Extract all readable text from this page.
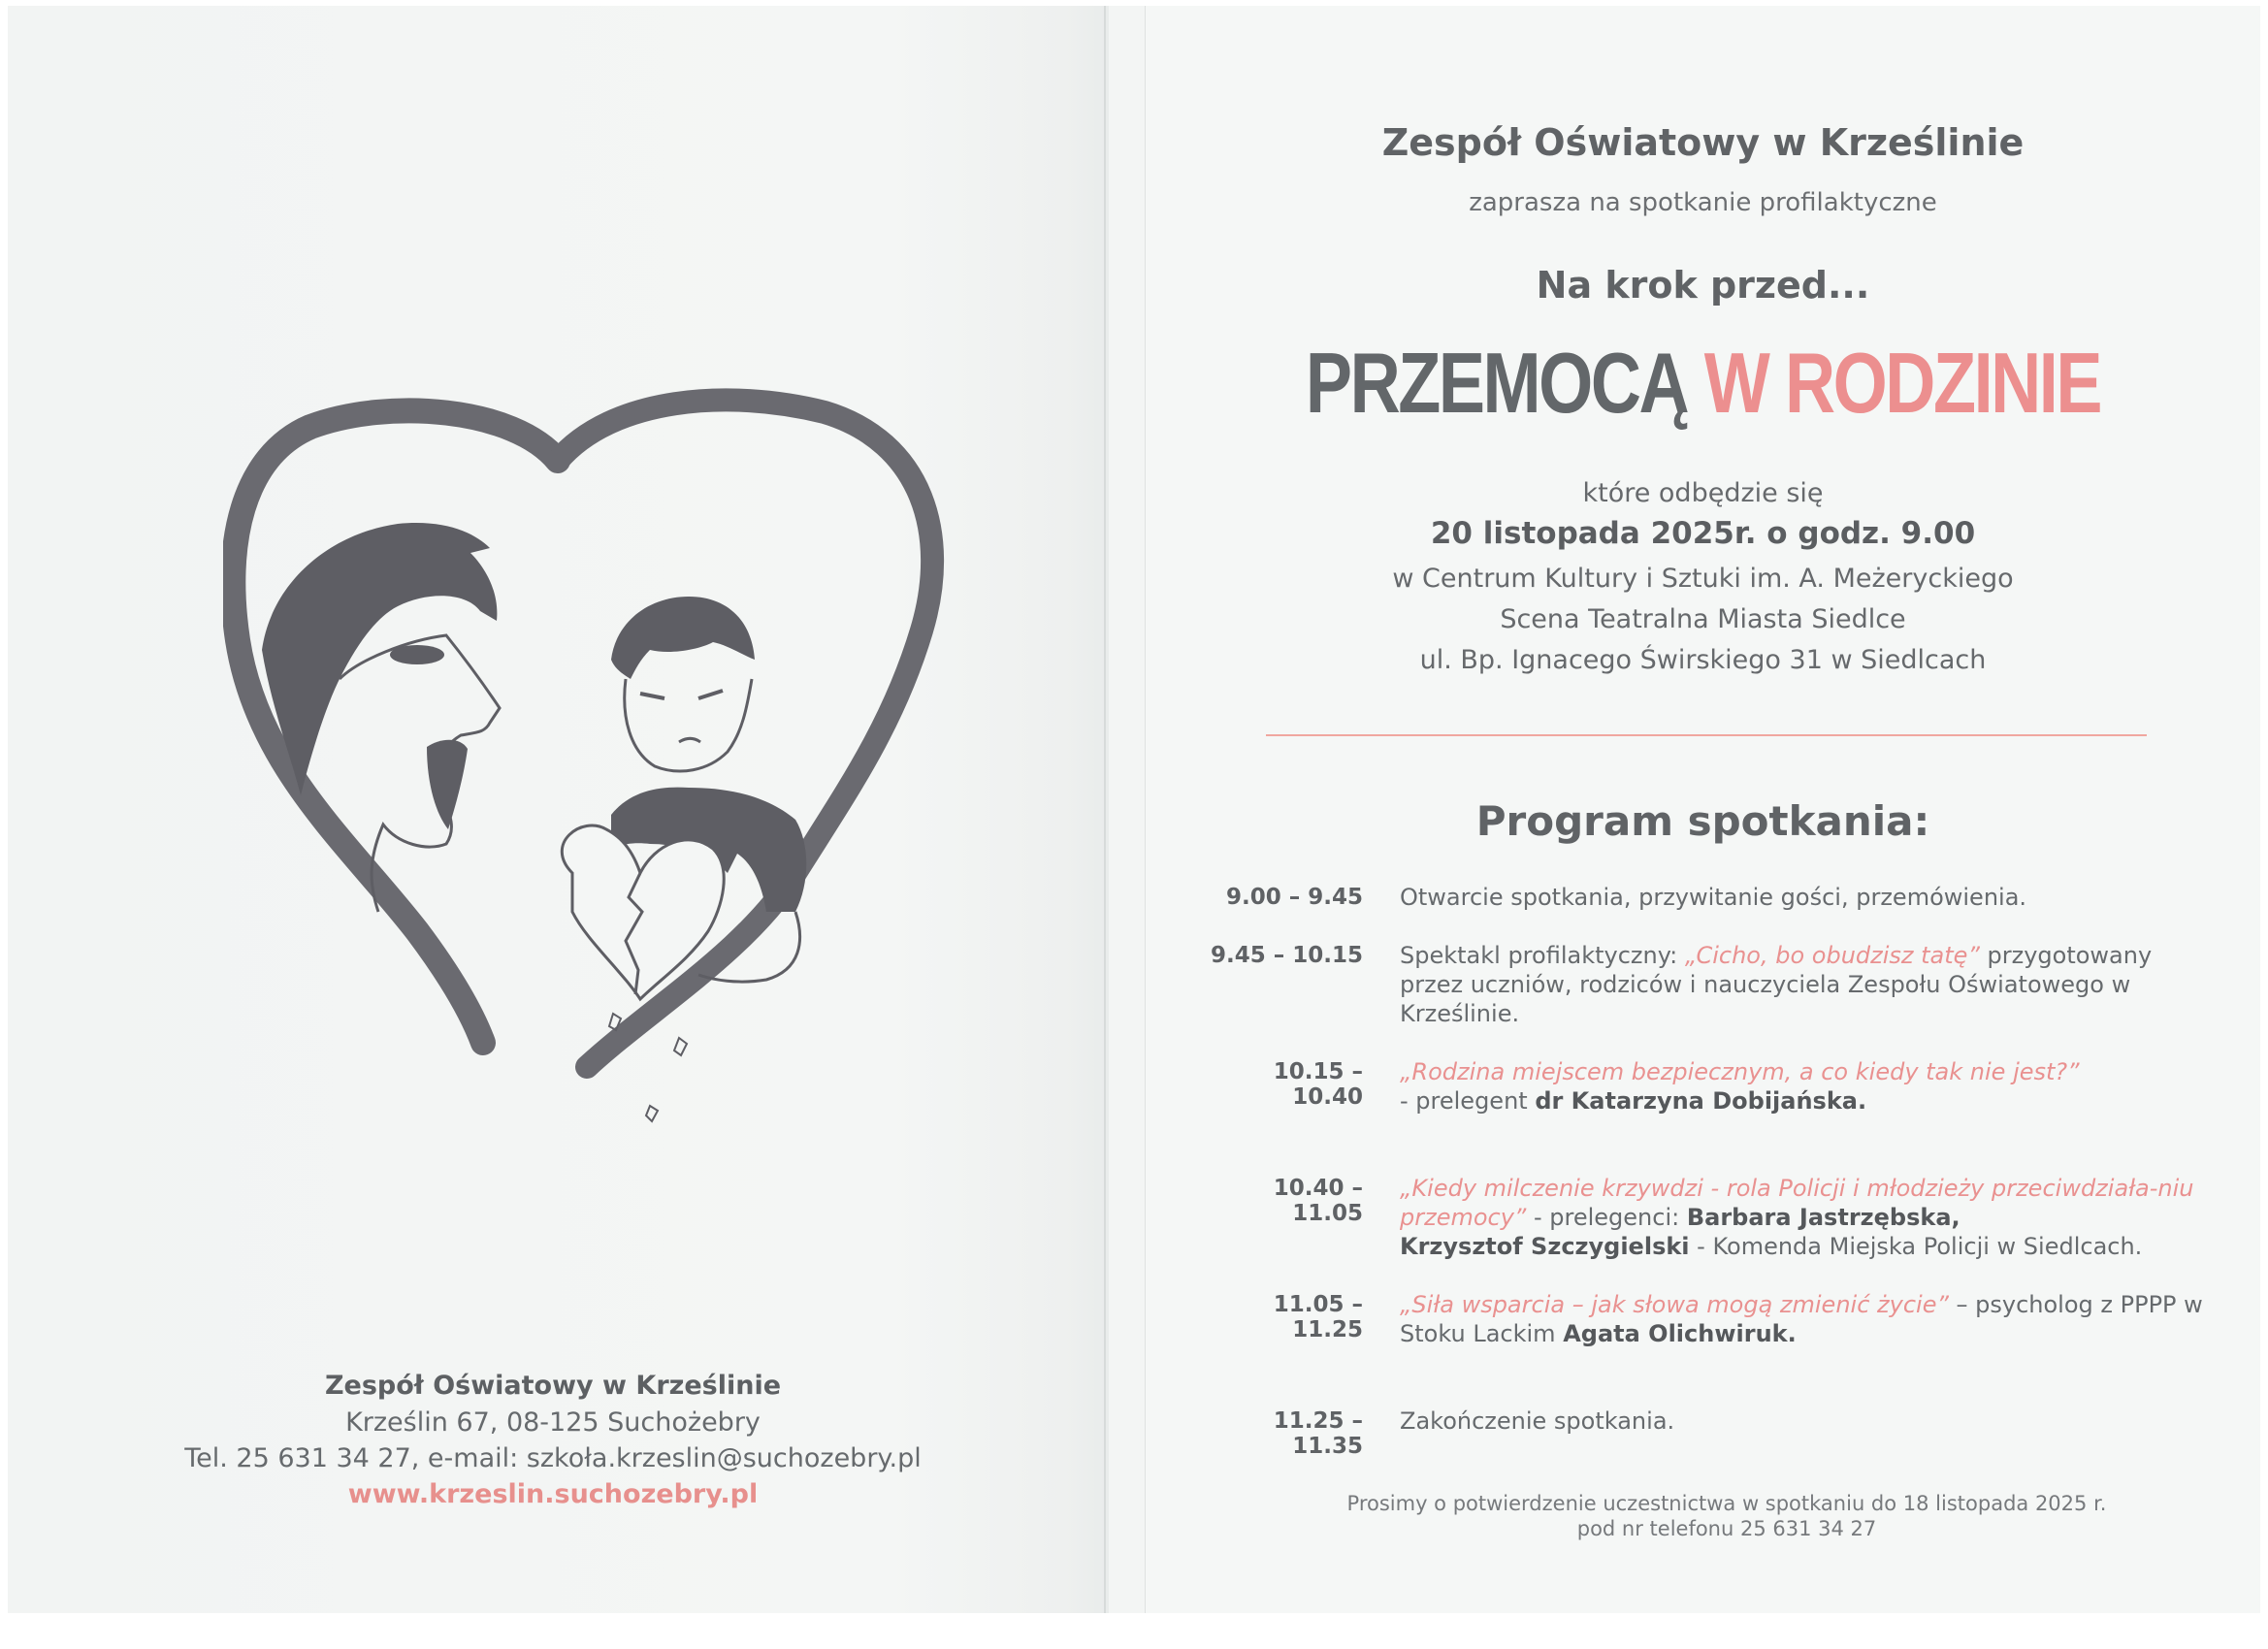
Zespół Oświatowy w Krześlinie
Krześlin 67, 08-125 Suchożebry
Tel. 25 631 34 27, e-mail: szkoła.krzeslin@suchozebry.pl
www.krzeslin.suchozebry.pl
Zespół Oświatowy w Krześlinie
zaprasza na spotkanie profilaktyczne
Na krok przed...
PRZEMOCĄ W RODZINIE
które odbędzie się
20 listopada 2025r. o godz. 9.00
w Centrum Kultury i Sztuki im. A. Meżeryckiego
Scena Teatralna Miasta Siedlce
ul. Bp. Ignacego Świrskiego 31 w Siedlcach
Program spotkania:
9.00 – 9.45 Otwarcie spotkania, przywitanie gości, przemówienia.
9.45 – 10.15 Spektakl profilaktyczny: „Cicho, bo obudzisz tatę” przygotowany przez uczniów, rodziców i nauczyciela Zespołu Oświatowego w Krześlinie.
10.15 – 10.40
„Rodzina miejscem bezpiecznym, a co kiedy tak nie jest?”
- prelegent dr Katarzyna Dobijańska.
10.40 – 11.05
„Kiedy milczenie krzywdzi - rola Policji i młodzieży przeciwdziała-niu przemocy” - prelegenci: Barbara Jastrzębska,
Krzysztof Szczygielski - Komenda Miejska Policji w Siedlcach.
11.05 – 11.25
„Siła wsparcia – jak słowa mogą zmienić życie” – psycholog z PPPP w Stoku Lackim Agata Olichwiruk.
11.25 – 11.35
Zakończenie spotkania.
Prosimy o potwierdzenie uczestnictwa w spotkaniu do 18 listopada 2025 r.
pod nr telefonu 25 631 34 27
